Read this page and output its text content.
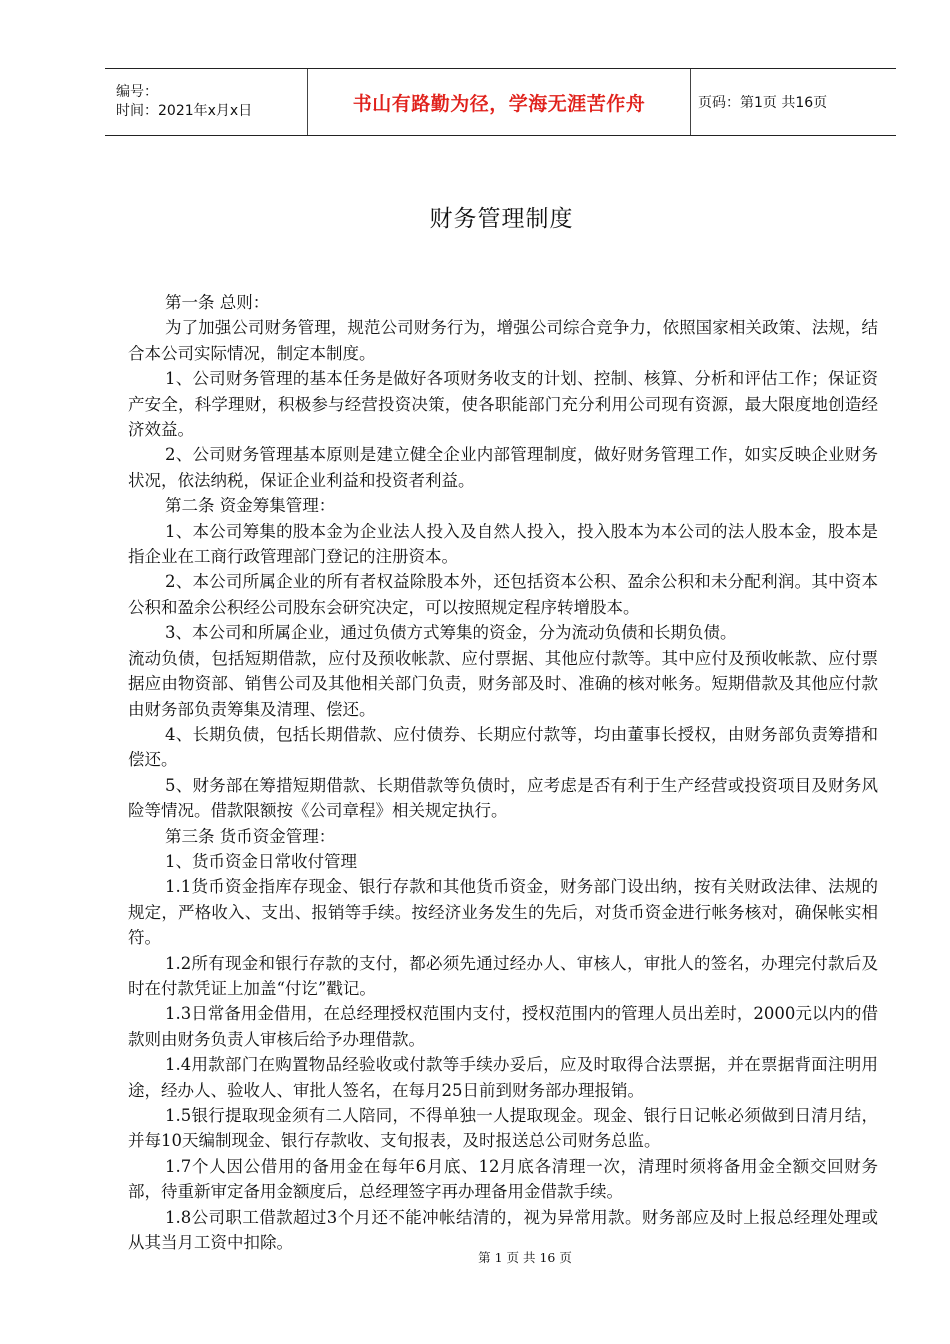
编号：
时间：2021年x月x日	书山有路勤为径，学海无涯苦作舟	页码：第1页 共16页
财务管理制度

第一条 总则：

为了加强公司财务管理，规范公司财务行为，增强公司综合竞争力，依照国家相关政策、法规，结合本公司实际情况，制定本制度。

1、公司财务管理的基本任务是做好各项财务收支的计划、控制、核算、分析和评估工作；保证资产安全，科学理财，积极参与经营投资决策，使各职能部门充分利用公司现有资源，最大限度地创造经济效益。

2、公司财务管理基本原则是建立健全企业内部管理制度，做好财务管理工作，如实反映企业财务状况，依法纳税，保证企业利益和投资者利益。

第二条 资金筹集管理：

1、本公司筹集的股本金为企业法人投入及自然人投入，投入股本为本公司的法人股本金，股本是指企业在工商行政管理部门登记的注册资本。

2、本公司所属企业的所有者权益除股本外，还包括资本公积、盈余公积和未分配利润。其中资本公积和盈余公积经公司股东会研究决定，可以按照规定程序转增股本。

3、本公司和所属企业，通过负债方式筹集的资金，分为流动负债和长期负债。

流动负债，包括短期借款，应付及预收帐款、应付票据、其他应付款等。其中应付及预收帐款、应付票据应由物资部、销售公司及其他相关部门负责，财务部及时、准确的核对帐务。短期借款及其他应付款由财务部负责筹集及清理、偿还。

4、长期负债，包括长期借款、应付债券、长期应付款等，均由董事长授权，由财务部负责筹措和偿还。

5、财务部在筹措短期借款、长期借款等负债时，应考虑是否有利于生产经营或投资项目及财务风险等情况。借款限额按《公司章程》相关规定执行。

第三条 货币资金管理：

1、货币资金日常收付管理

1.1货币资金指库存现金、银行存款和其他货币资金，财务部门设出纳，按有关财政法律、法规的规定，严格收入、支出、报销等手续。按经济业务发生的先后，对货币资金进行帐务核对，确保帐实相符。

1.2所有现金和银行存款的支付，都必须先通过经办人、审核人，审批人的签名，办理完付款后及时在付款凭证上加盖“付讫”戳记。

1.3日常备用金借用，在总经理授权范围内支付，授权范围内的管理人员出差时，2000元以内的借款则由财务负责人审核后给予办理借款。

1.4用款部门在购置物品经验收或付款等手续办妥后，应及时取得合法票据，并在票据背面注明用途，经办人、验收人、审批人签名，在每月25日前到财务部办理报销。

1.5银行提取现金须有二人陪同，不得单独一人提取现金。现金、银行日记帐必须做到日清月结，并每10天编制现金、银行存款收、支旬报表，及时报送总公司财务总监。

1.7个人因公借用的备用金在每年6月底、12月底各清理一次，清理时须将备用金全额交回财务部，待重新审定备用金额度后，总经理签字再办理备用金借款手续。

1.8公司职工借款超过3个月还不能冲帐结清的，视为异常用款。财务部应及时上报总经理处理或从其当月工资中扣除。

第 1 页 共 16 页
